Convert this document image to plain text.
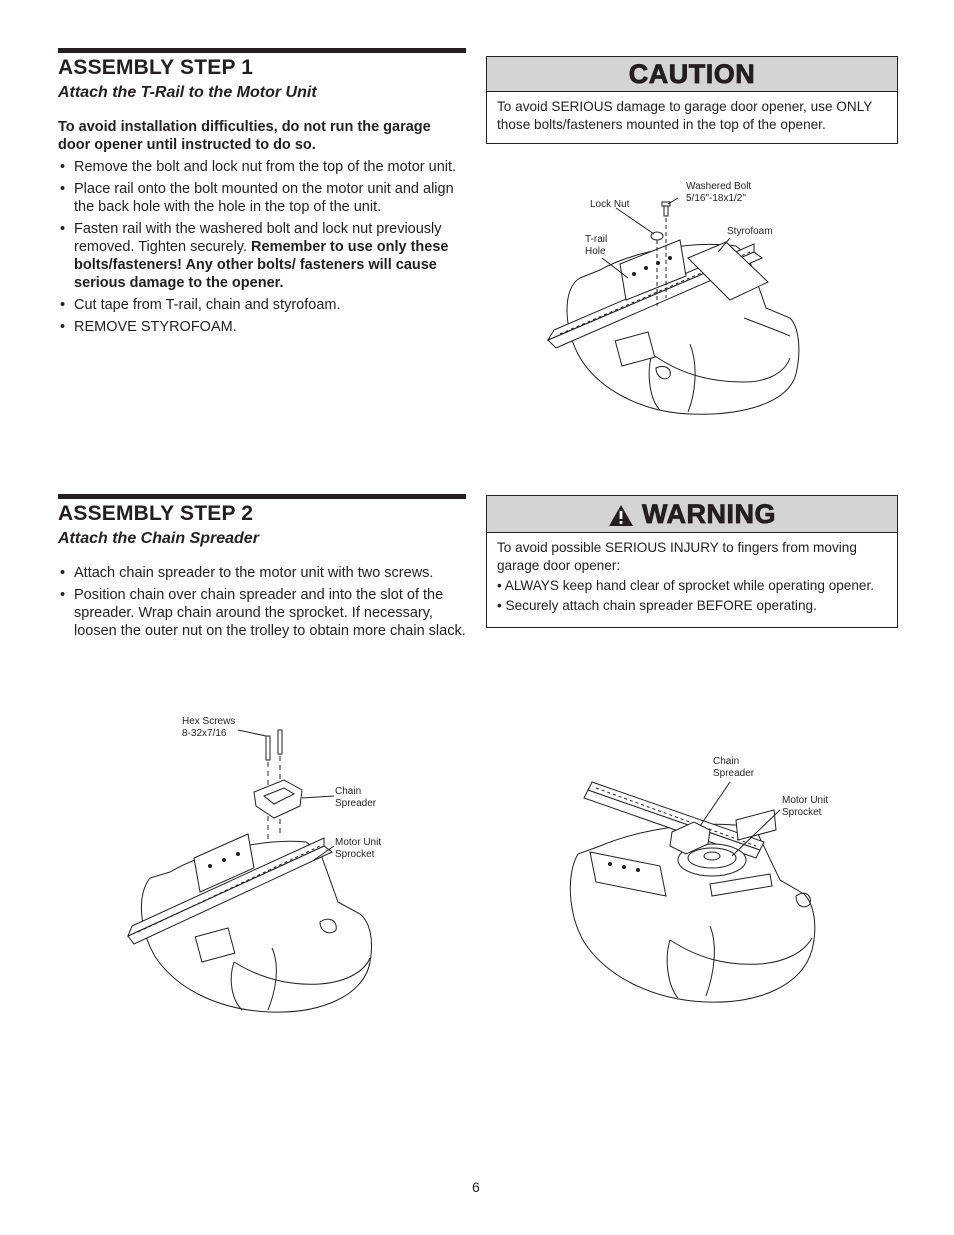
ASSEMBLY STEP 1
Attach the T-Rail to the Motor Unit
To avoid installation difficulties, do not run the garage door opener until instructed to do so.
• Remove the bolt and lock nut from the top of the motor unit.
• Place rail onto the bolt mounted on the motor unit and align the back hole with the hole in the top of the unit.
• Fasten rail with the washered bolt and lock nut previously removed. Tighten securely. Remember to use only these bolts/fasteners! Any other bolts/ fasteners will cause serious damage to the opener.
• Cut tape from T-rail, chain and styrofoam.
• REMOVE STYROFOAM.
CAUTION
To avoid SERIOUS damage to garage door opener, use ONLY those bolts/fasteners mounted in the top of the opener.
Washered Bolt
5/16"-18x1/2"
Lock Nut
T-rail
Hole
Styrofoam
ASSEMBLY STEP 2
Attach the Chain Spreader
• Attach chain spreader to the motor unit with two screws.
• Position chain over chain spreader and into the slot of the spreader. Wrap chain around the sprocket. If necessary, loosen the outer nut on the trolley to obtain more chain slack.
WARNING
To avoid possible SERIOUS INJURY to fingers from moving garage door opener:
• ALWAYS keep hand clear of sprocket while operating opener.
• Securely attach chain spreader BEFORE operating.
Hex Screws
8-32x7/16
Chain
Spreader
Motor Unit
Sprocket
Chain
Spreader
Motor Unit
Sprocket
6
